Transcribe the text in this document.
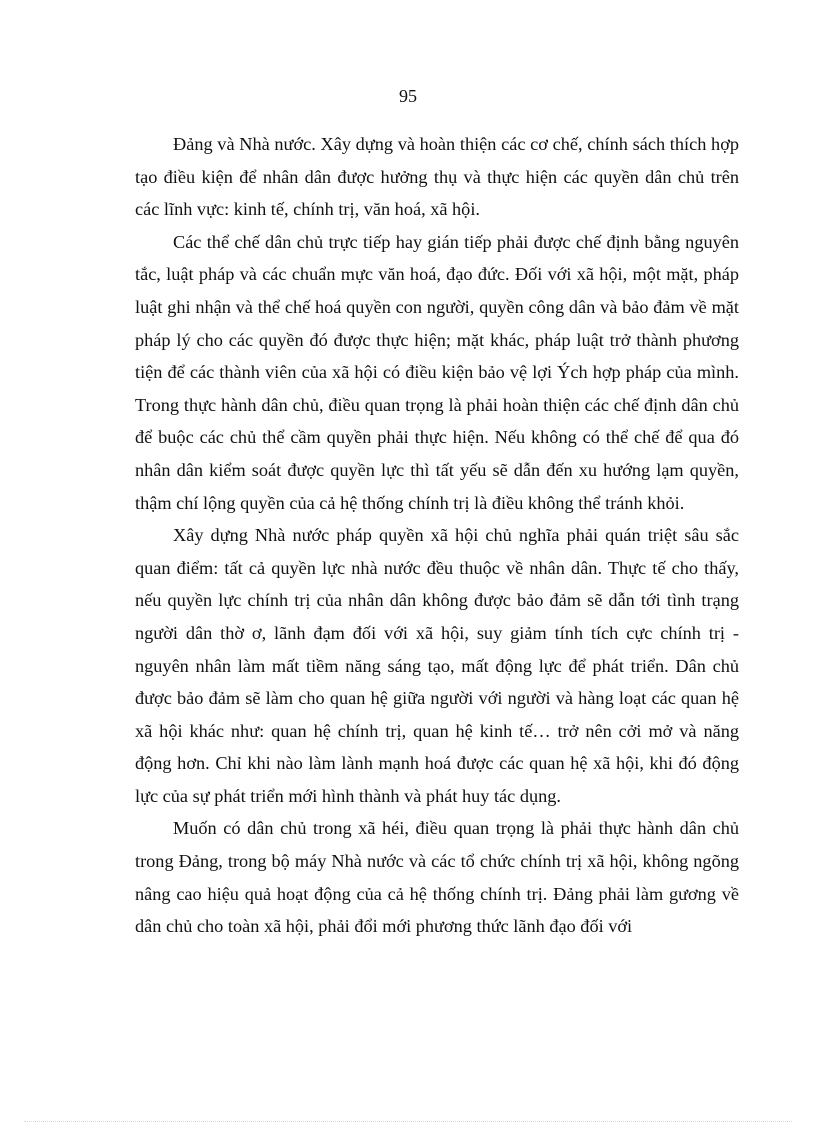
95

Đảng và Nhà nước. Xây dựng và hoàn thiện các cơ chế, chính sách thích hợp tạo điều kiện để nhân dân được hưởng thụ và thực hiện các quyền dân chủ trên các lĩnh vực: kinh tế, chính trị, văn hoá, xã hội.

Các thể chế dân chủ trực tiếp hay gián tiếp phải được chế định bằng nguyên tắc, luật pháp và các chuẩn mực văn hoá, đạo đức. Đối với xã hội, một mặt, pháp luật ghi nhận và thể chế hoá quyền con người, quyền công dân và bảo đảm về mặt pháp lý cho các quyền đó được thực hiện; mặt khác, pháp luật trở thành phương tiện để các thành viên của xã hội có điều kiện bảo vệ lợi Ých hợp pháp của mình. Trong thực hành dân chủ, điều quan trọng là phải hoàn thiện các chế định dân chủ để buộc các chủ thể cầm quyền phải thực hiện. Nếu không có thể chế để qua đó nhân dân kiểm soát được quyền lực thì tất yếu sẽ dẫn đến xu hướng lạm quyền, thậm chí lộng quyền của cả hệ thống chính trị là điều không thể tránh khỏi.

Xây dựng Nhà nước pháp quyền xã hội chủ nghĩa phải quán triệt sâu sắc quan điểm: tất cả quyền lực nhà nước đều thuộc về nhân dân. Thực tế cho thấy, nếu quyền lực chính trị của nhân dân không được bảo đảm sẽ dẫn tới tình trạng người dân thờ ơ, lãnh đạm đối với xã hội, suy giảm tính tích cực chính trị - nguyên nhân làm mất tiềm năng sáng tạo, mất động lực để phát triển. Dân chủ được bảo đảm sẽ làm cho quan hệ giữa người với người và hàng loạt các quan hệ xã hội khác như: quan hệ chính trị, quan hệ kinh tế… trở nên cởi mở và năng động hơn. Chỉ khi nào làm lành mạnh hoá được các quan hệ xã hội, khi đó động lực của sự phát triển mới hình thành và phát huy tác dụng.

Muốn có dân chủ trong xã héi, điều quan trọng là phải thực hành dân chủ trong Đảng, trong bộ máy Nhà nước và các tổ chức chính trị xã hội, không ngõng nâng cao hiệu quả hoạt động của cả hệ thống chính trị. Đảng phải làm gương về dân chủ cho toàn xã hội, phải đổi mới phương thức lãnh đạo đối với
